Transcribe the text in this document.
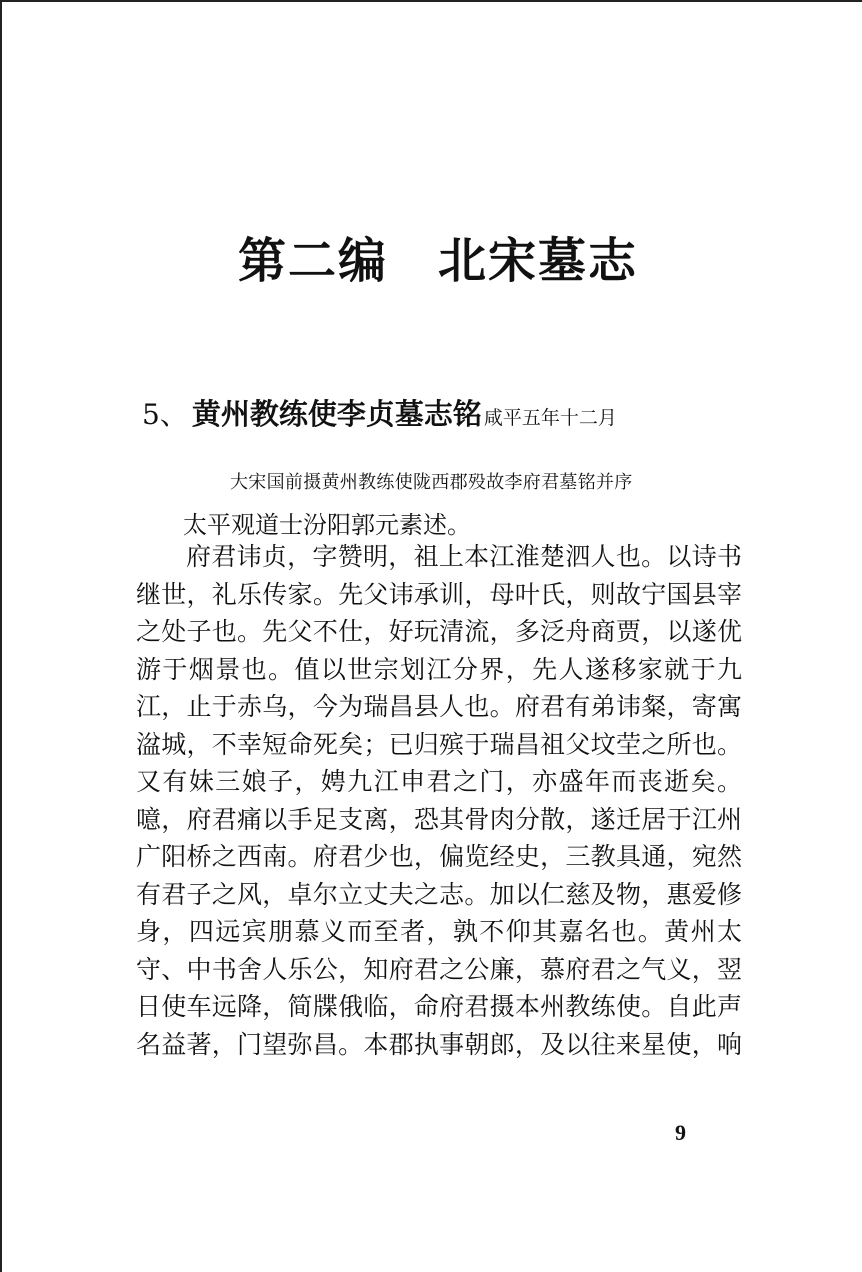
第二编　北宋墓志
5、 黄州教练使李贞墓志铭 咸平五年十二月
大宋国前摄黄州教练使陇西郡殁故李府君墓铭并序
太平观道士汾阳郭元素述。
府君讳贞，字赞明，祖上本江淮楚泗人也。以诗书
继世，礼乐传家。先父讳承训，母叶氏，则故宁国县宰
之处子也。先父不仕，好玩清流，多泛舟商贾，以遂优
游于烟景也。值以世宗划江分界，先人遂移家就于九
江，止于赤乌，今为瑞昌县人也。府君有弟讳粲，寄寓
湓城，不幸短命死矣；已归殡于瑞昌祖父坟茔之所也。
又有妹三娘子，娉九江申君之门，亦盛年而丧逝矣。
噫，府君痛以手足支离，恐其骨肉分散，遂迁居于江州
广阳桥之西南。府君少也，偏览经史，三教具通，宛然
有君子之风，卓尔立丈夫之志。加以仁慈及物，惠爱修
身，四远宾朋慕义而至者，孰不仰其嘉名也。黄州太
守、中书舍人乐公，知府君之公廉，慕府君之气义，翌
日使车远降，简牒俄临，命府君摄本州教练使。自此声
名益著，门望弥昌。本郡执事朝郎，及以往来星使，响
9
